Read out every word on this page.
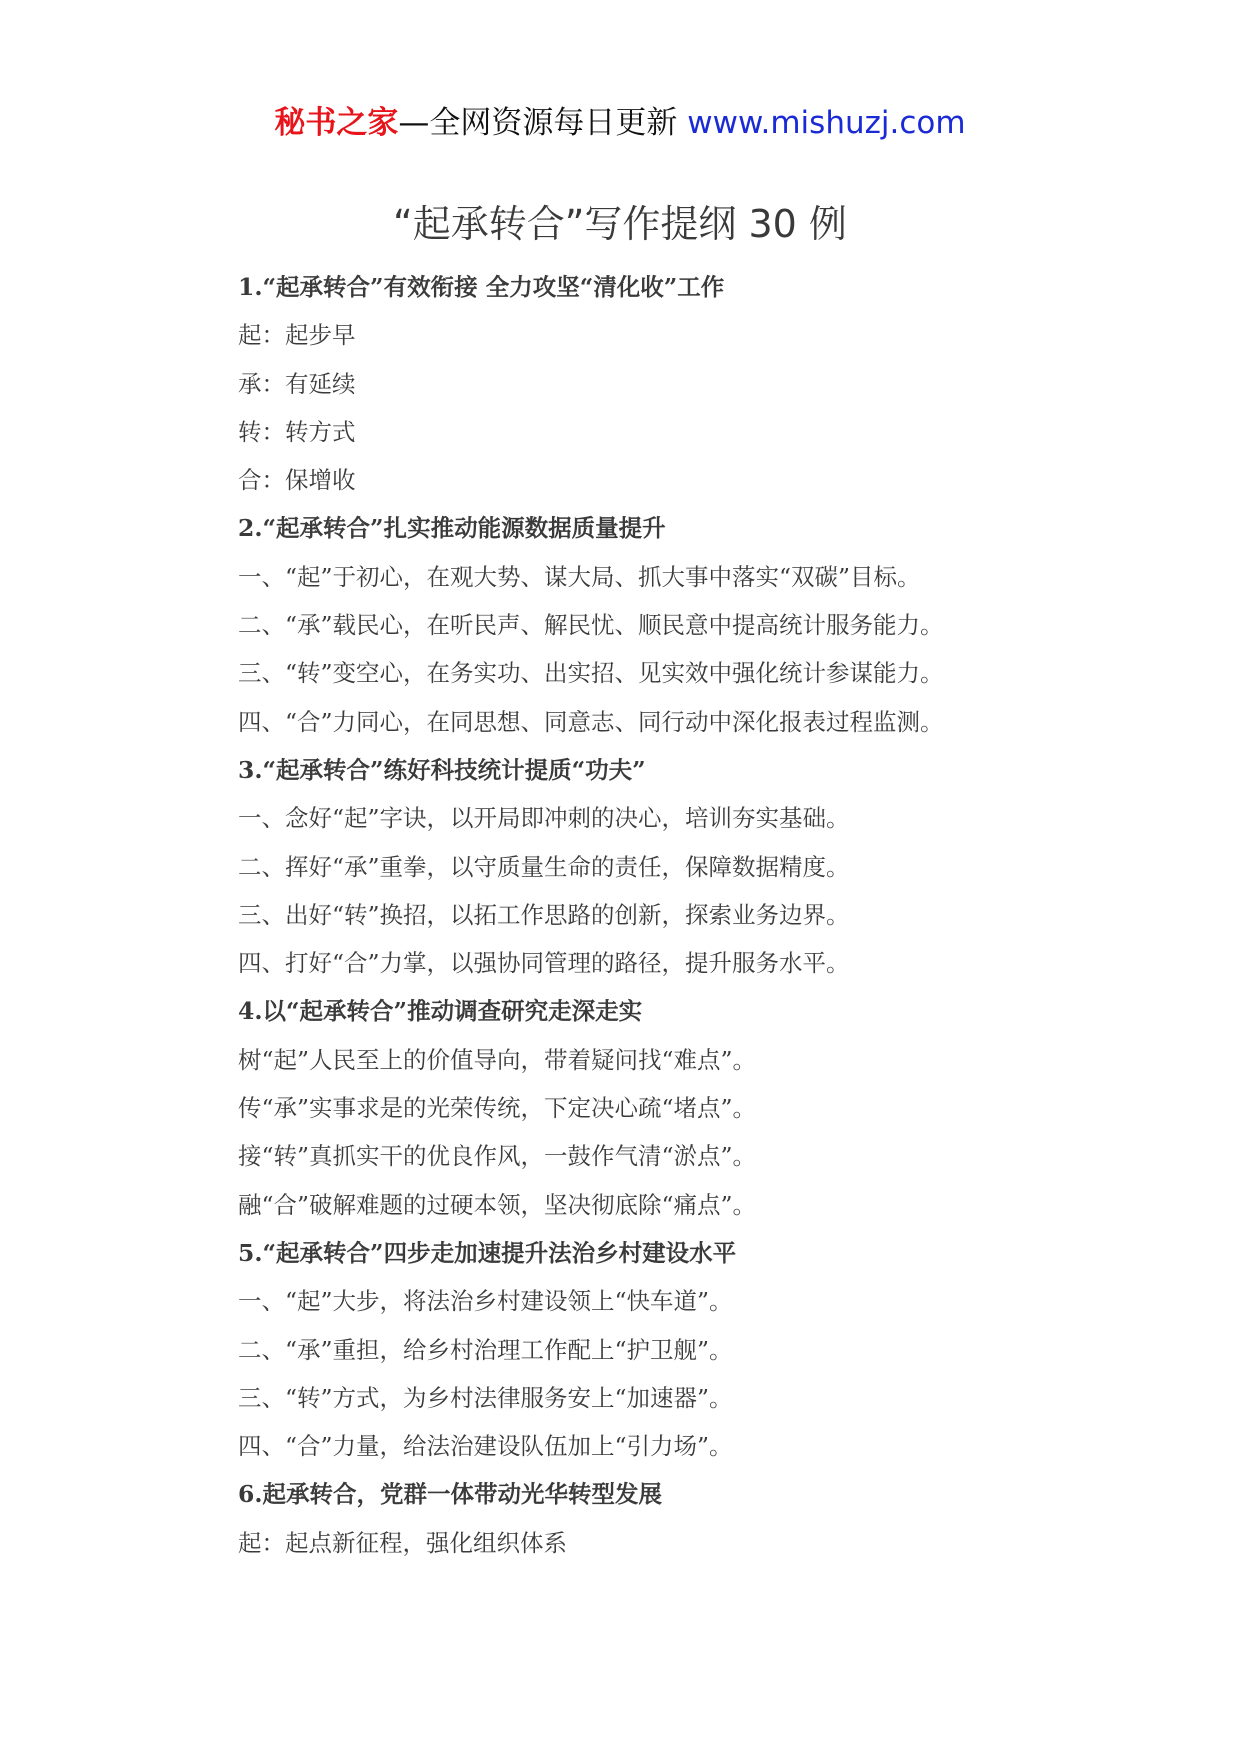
秘书之家—全网资源每日更新 www.mishuzj.com
“起承转合”写作提纲 30 例
1.“起承转合”有效衔接 全力攻坚“清化收”工作
起：起步早
承：有延续
转：转方式
合：保增收
2.“起承转合”扎实推动能源数据质量提升
一、“起”于初心，在观大势、谋大局、抓大事中落实“双碳”目标。
二、“承”载民心，在听民声、解民忧、顺民意中提高统计服务能力。
三、“转”变空心，在务实功、出实招、见实效中强化统计参谋能力。
四、“合”力同心，在同思想、同意志、同行动中深化报表过程监测。
3.“起承转合”练好科技统计提质“功夫”
一、念好“起”字诀，以开局即冲刺的决心，培训夯实基础。
二、挥好“承”重拳，以守质量生命的责任，保障数据精度。
三、出好“转”换招，以拓工作思路的创新，探索业务边界。
四、打好“合”力掌，以强协同管理的路径，提升服务水平。
4.以“起承转合”推动调查研究走深走实
树“起”人民至上的价值导向，带着疑问找“难点”。
传“承”实事求是的光荣传统，下定决心疏“堵点”。
接“转”真抓实干的优良作风，一鼓作气清“淤点”。
融“合”破解难题的过硬本领，坚决彻底除“痛点”。
5.“起承转合”四步走加速提升法治乡村建设水平
一、“起”大步，将法治乡村建设领上“快车道”。
二、“承”重担，给乡村治理工作配上“护卫舰”。
三、“转”方式，为乡村法律服务安上“加速器”。
四、“合”力量，给法治建设队伍加上“引力场”。
6.起承转合，党群一体带动光华转型发展
起：起点新征程，强化组织体系
